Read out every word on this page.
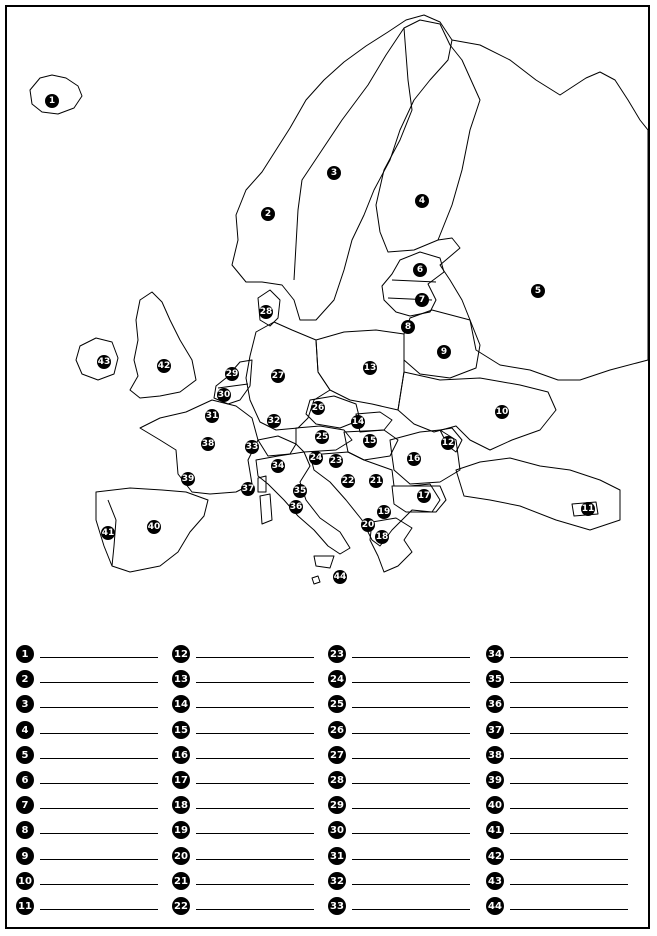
1
2
3
4
5
6
7
8
9
10
11
12
13
14
15
16
17
18
19
20
21
22
23
24
25
26
27
28
29
30
31	32
33
34
35
36
37
38
39
40
41
42
43
44
1
2
3
4
5
6
7
8
9
10
11
12
13
14
15
16
17
18
19
20
21
22
23
24
25
26
27
28
29
30
31
32
33
34
35
36
37
38
39
40
41
42
43
44
